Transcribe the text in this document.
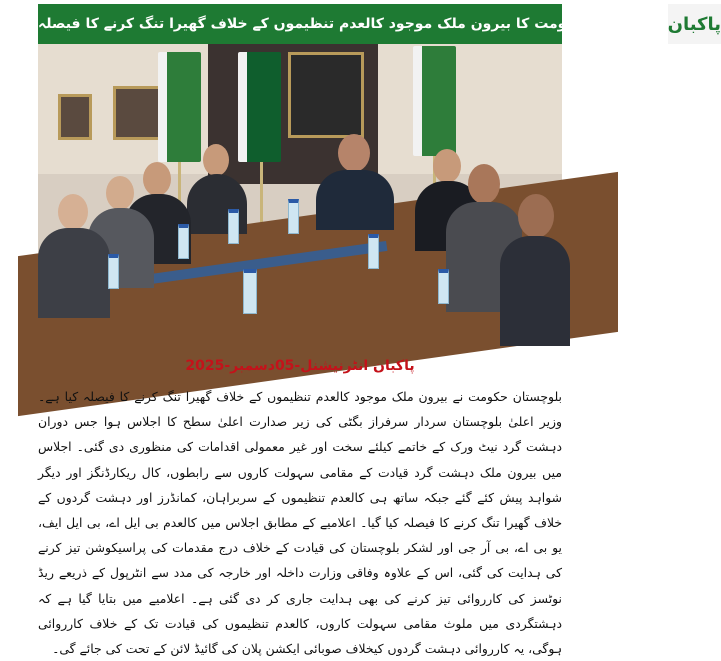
بلوچستان حکومت کا بیرون ملک موجود کالعدم تنظیموں کے خلاف گھیرا تنگ کرنے کا فیصلہ پاکبان
پاکبان انٹرنیشنل-05دسمبر-2025
بلوچستان حکومت نے بیرون ملک موجود کالعدم تنظیموں کے خلاف گھیرا تنگ کرنے کا فیصلہ کیا ہے۔ وزیر اعلیٰ بلوچستان سردار سرفراز بگٹی کی زیر صدارت اعلیٰ سطح کا اجلاس ہوا جس دوران دہشت گرد نیٹ ورک کے خاتمے کیلئے سخت اور غیر معمولی اقدامات کی منظوری دی گئی۔ اجلاس میں بیرون ملک دہشت گرد قیادت کے مقامی سہولت کاروں سے رابطوں، کال ریکارڈنگز اور دیگر شواہد پیش کئے گئے جبکہ ساتھ ہی کالعدم تنظیموں کے سربراہان، کمانڈرز اور دہشت گردوں کے خلاف گھیرا تنگ کرنے کا فیصلہ کیا گیا۔ اعلامیے کے مطابق اجلاس میں کالعدم بی ایل اے، بی ایل ایف، یو بی اے، بی آر جی اور لشکر بلوچستان کی قیادت کے خلاف درج مقدمات کی پراسیکوشن تیز کرنے کی ہدایت کی گئی، اس کے علاوہ وفاقی وزارت داخلہ اور خارجہ کی مدد سے انٹرپول کے ذریعے ریڈ نوٹسز کی کارروائی تیز کرنے کی بھی ہدایت جاری کر دی گئی ہے۔ اعلامیے میں بتایا گیا ہے کہ دہشتگردی میں ملوث مقامی سہولت کاروں، کالعدم تنظیموں کی قیادت تک کے خلاف کارروائی ہوگی، یہ کارروائی دہشت گردوں کیخلاف صوبائی ایکشن پلان کی گائیڈ لائن کے تحت کی جائے گی۔
